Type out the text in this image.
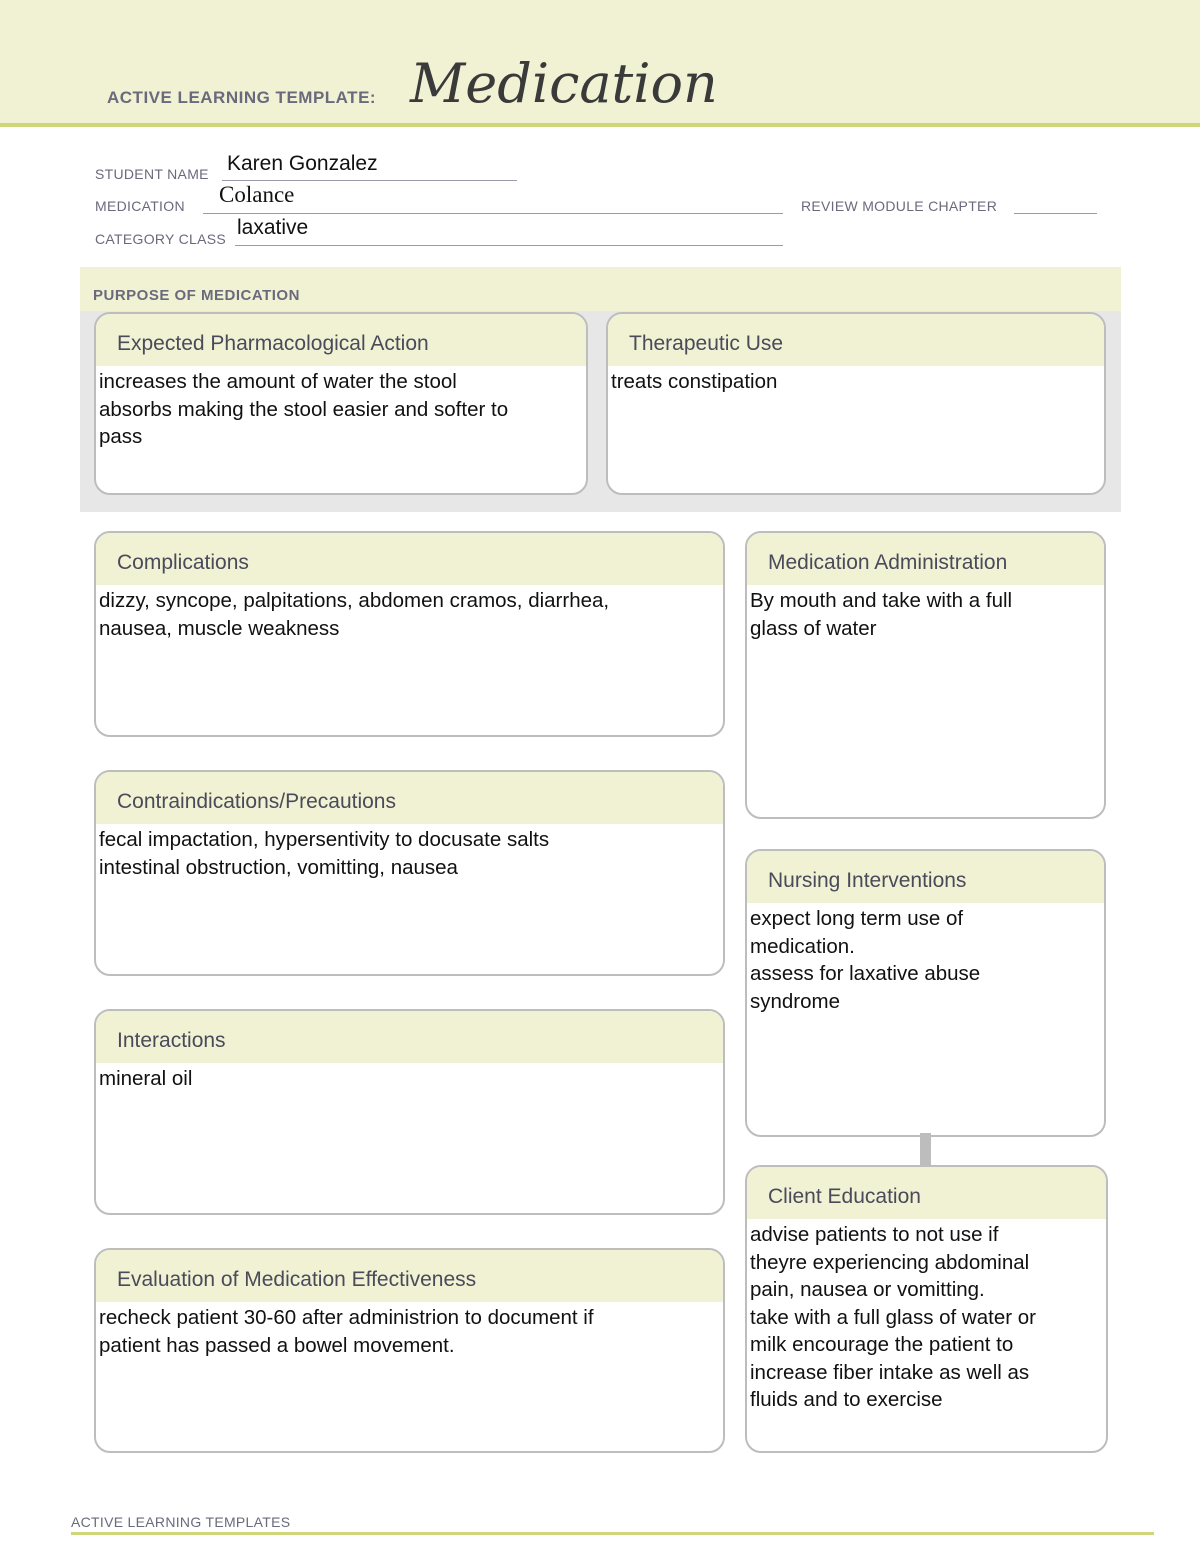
ACTIVE LEARNING TEMPLATE: Medication
STUDENT NAME Karen Gonzalez
MEDICATION Colance	REVIEW MODULE CHAPTER
CATEGORY CLASS laxative
PURPOSE OF MEDICATION
Expected Pharmacological Action
increases the amount of water the stool
absorbs making the stool easier and softer to
pass
Therapeutic Use
treats constipation
Complications
dizzy, syncope, palpitations, abdomen cramos, diarrhea,
nausea, muscle weakness
Contraindications/Precautions
fecal impactation, hypersentivity to docusate salts
intestinal obstruction, vomitting, nausea
Interactions
mineral oil
Evaluation of Medication Effectiveness
recheck patient 30-60 after administrion to document if
patient has passed a bowel movement.
Medication Administration
By mouth and take with a full
glass of water
Nursing Interventions
expect long term use of
medication.
assess for laxative abuse
syndrome
Client Education
advise patients to not use if
theyre experiencing abdominal
pain, nausea or vomitting.
take with a full glass of water or
milk encourage the patient to
increase fiber intake as well as
fluids and to exercise
ACTIVE LEARNING TEMPLATES
